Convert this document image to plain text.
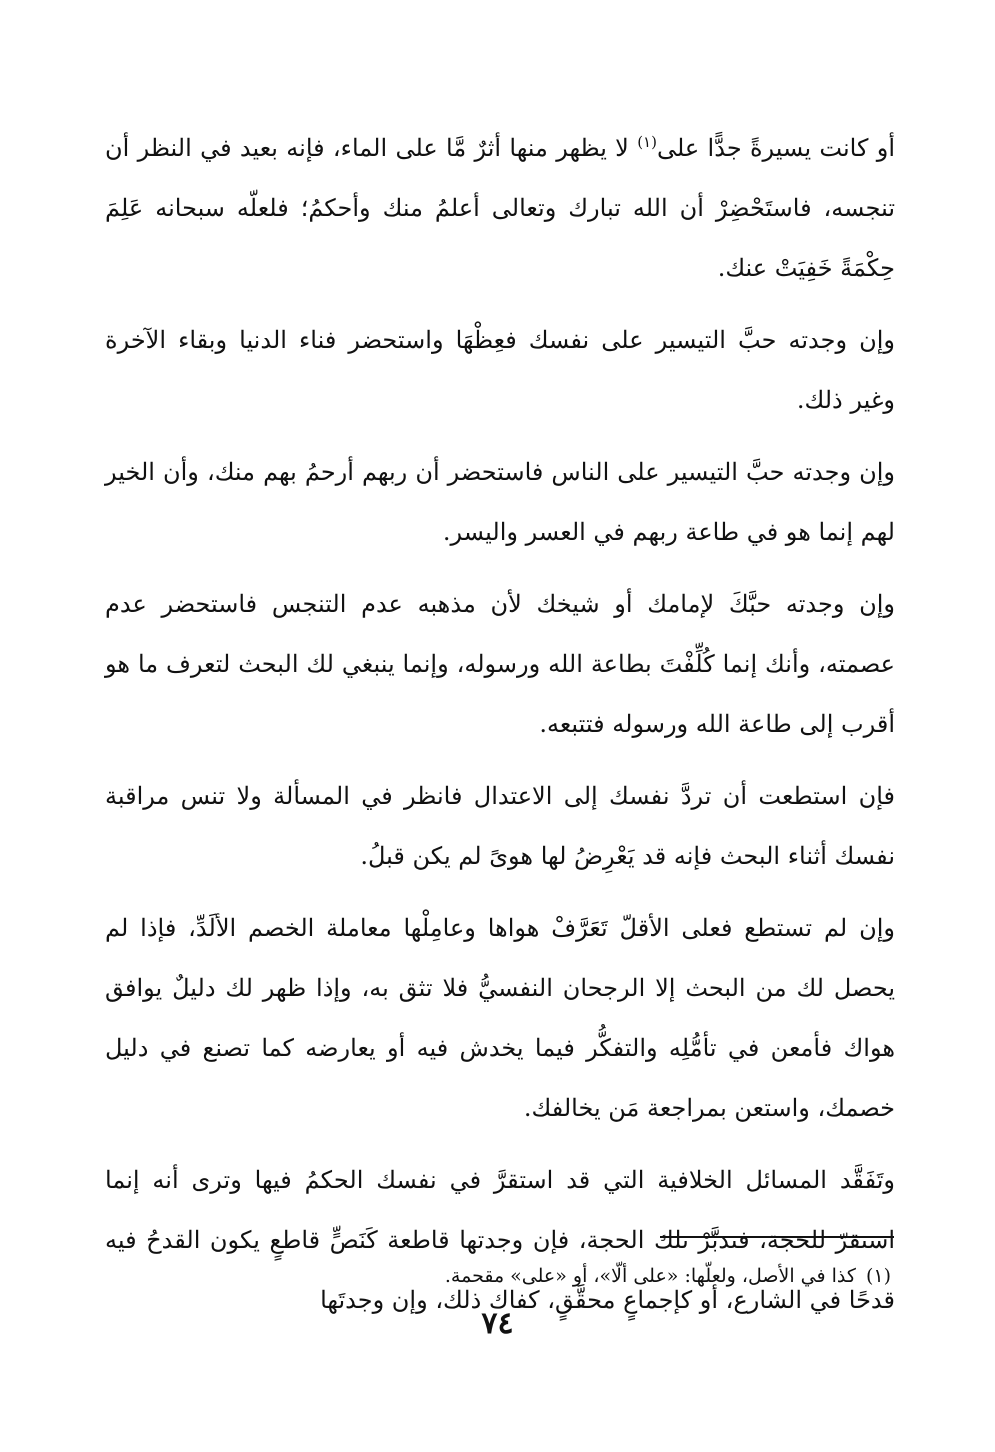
أو كانت يسيرةً جدًّا على$^{(١)}$ لا يظهر منها أثرٌ مَّا على الماء، فإنه بعيد في النظر أن تنجسه، فاستَحْضِرْ أن الله تبارك وتعالى أعلمُ منك وأحكمُ؛ فلعلّه سبحانه عَلِمَ حِكْمَةً خَفِيَتْ عنك.

وإن وجدته حبَّ التيسير على نفسك فعِظْهَا واستحضر فناء الدنيا وبقاء الآخرة وغير ذلك.

وإن وجدته حبَّ التيسير على الناس فاستحضر أن ربهم أرحمُ بهم منك، وأن الخير لهم إنما هو في طاعة ربهم في العسر واليسر.

وإن وجدته حبَّكَ لإمامك أو شيخك لأن مذهبه عدم التنجس فاستحضر عدم عصمته، وأنك إنما كُلِّفْتَ بطاعة الله ورسوله، وإنما ينبغي لك البحث لتعرف ما هو أقرب إلى طاعة الله ورسوله فتتبعه.

فإن استطعت أن تردَّ نفسك إلى الاعتدال فانظر في المسألة ولا تنس مراقبة نفسك أثناء البحث فإنه قد يَعْرِضُ لها هوىً لم يكن قبلُ.

وإن لم تستطع فعلى الأقلّ تَعَرَّفْ هواها وعامِلْها معاملة الخصم الألَدِّ، فإذا لم يحصل لك من البحث إلا الرجحان النفسيُّ فلا تثق به، وإذا ظهر لك دليلٌ يوافق هواك فأمعن في تأمُّلِه والتفكُّر فيما يخدش فيه أو يعارضه كما تصنع في دليل خصمك، واستعن بمراجعة مَن يخالفك.

وتَفَقَّد المسائل الخلافية التي قد استقرَّ في نفسك الحكمُ فيها وترى أنه إنما استقرّ للحجة، فتدبَّرْ تلك الحجة، فإن وجدتها قاطعة كَنَصٍّ قاطعٍ يكون القدحُ فيه قدحًا في الشارع، أو كإجماعٍ محقَّقٍ، كفاك ذلك، وإن وجدتَها

(١)كذا في الأصل، ولعلّها: «على ألّا»، أو «على» مقحمة.
٧٤
